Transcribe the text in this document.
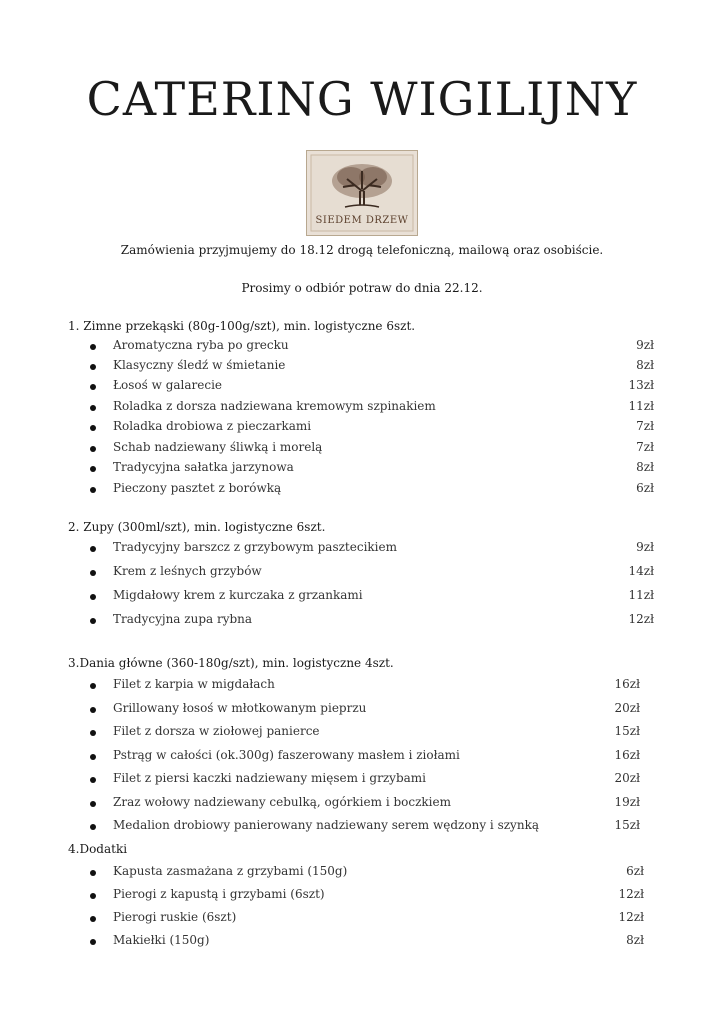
CATERING WIGILIJNY
SIEDEM DRZEW
Zamówienia przyjmujemy do 18.12 drogą telefoniczną, mailową oraz osobiście.
Prosimy o odbiór potraw do dnia 22.12.
1. Zimne przekąski (80g-100g/szt), min. logistyczne 6szt.
Aromatyczna ryba po grecku	9zł
Klasyczny śledź w śmietanie	8zł
Łosoś w galarecie	13zł
Roladka z dorsza nadziewana kremowym szpinakiem	11zł
Roladka drobiowa z pieczarkami	7zł
Schab nadziewany śliwką i morelą	7zł
Tradycyjna sałatka jarzynowa	8zł
Pieczony pasztet z borówką	6zł
2. Zupy (300ml/szt), min. logistyczne 6szt.
Tradycyjny barszcz z grzybowym pasztecikiem	9zł
Krem z leśnych grzybów	14zł
Migdałowy krem z kurczaka z grzankami	11zł
Tradycyjna zupa rybna	12zł
3.Dania główne (360-180g/szt), min. logistyczne 4szt.
Filet z karpia w migdałach	16zł
Grillowany łosoś w młotkowanym pieprzu	20zł
Filet z dorsza w ziołowej panierce	15zł
Pstrąg w całości (ok.300g) faszerowany masłem i ziołami	16zł
Filet z piersi kaczki nadziewany mięsem i grzybami	20zł
Zraz wołowy nadziewany cebulką, ogórkiem i boczkiem	19zł
Medalion drobiowy panierowany nadziewany serem wędzony i szynką	15zł
4.Dodatki
Kapusta zasmażana z grzybami (150g)	6zł
Pierogi z kapustą i grzybami (6szt)	12zł
Pierogi ruskie (6szt)	12zł
Makiełki (150g)	8zł
